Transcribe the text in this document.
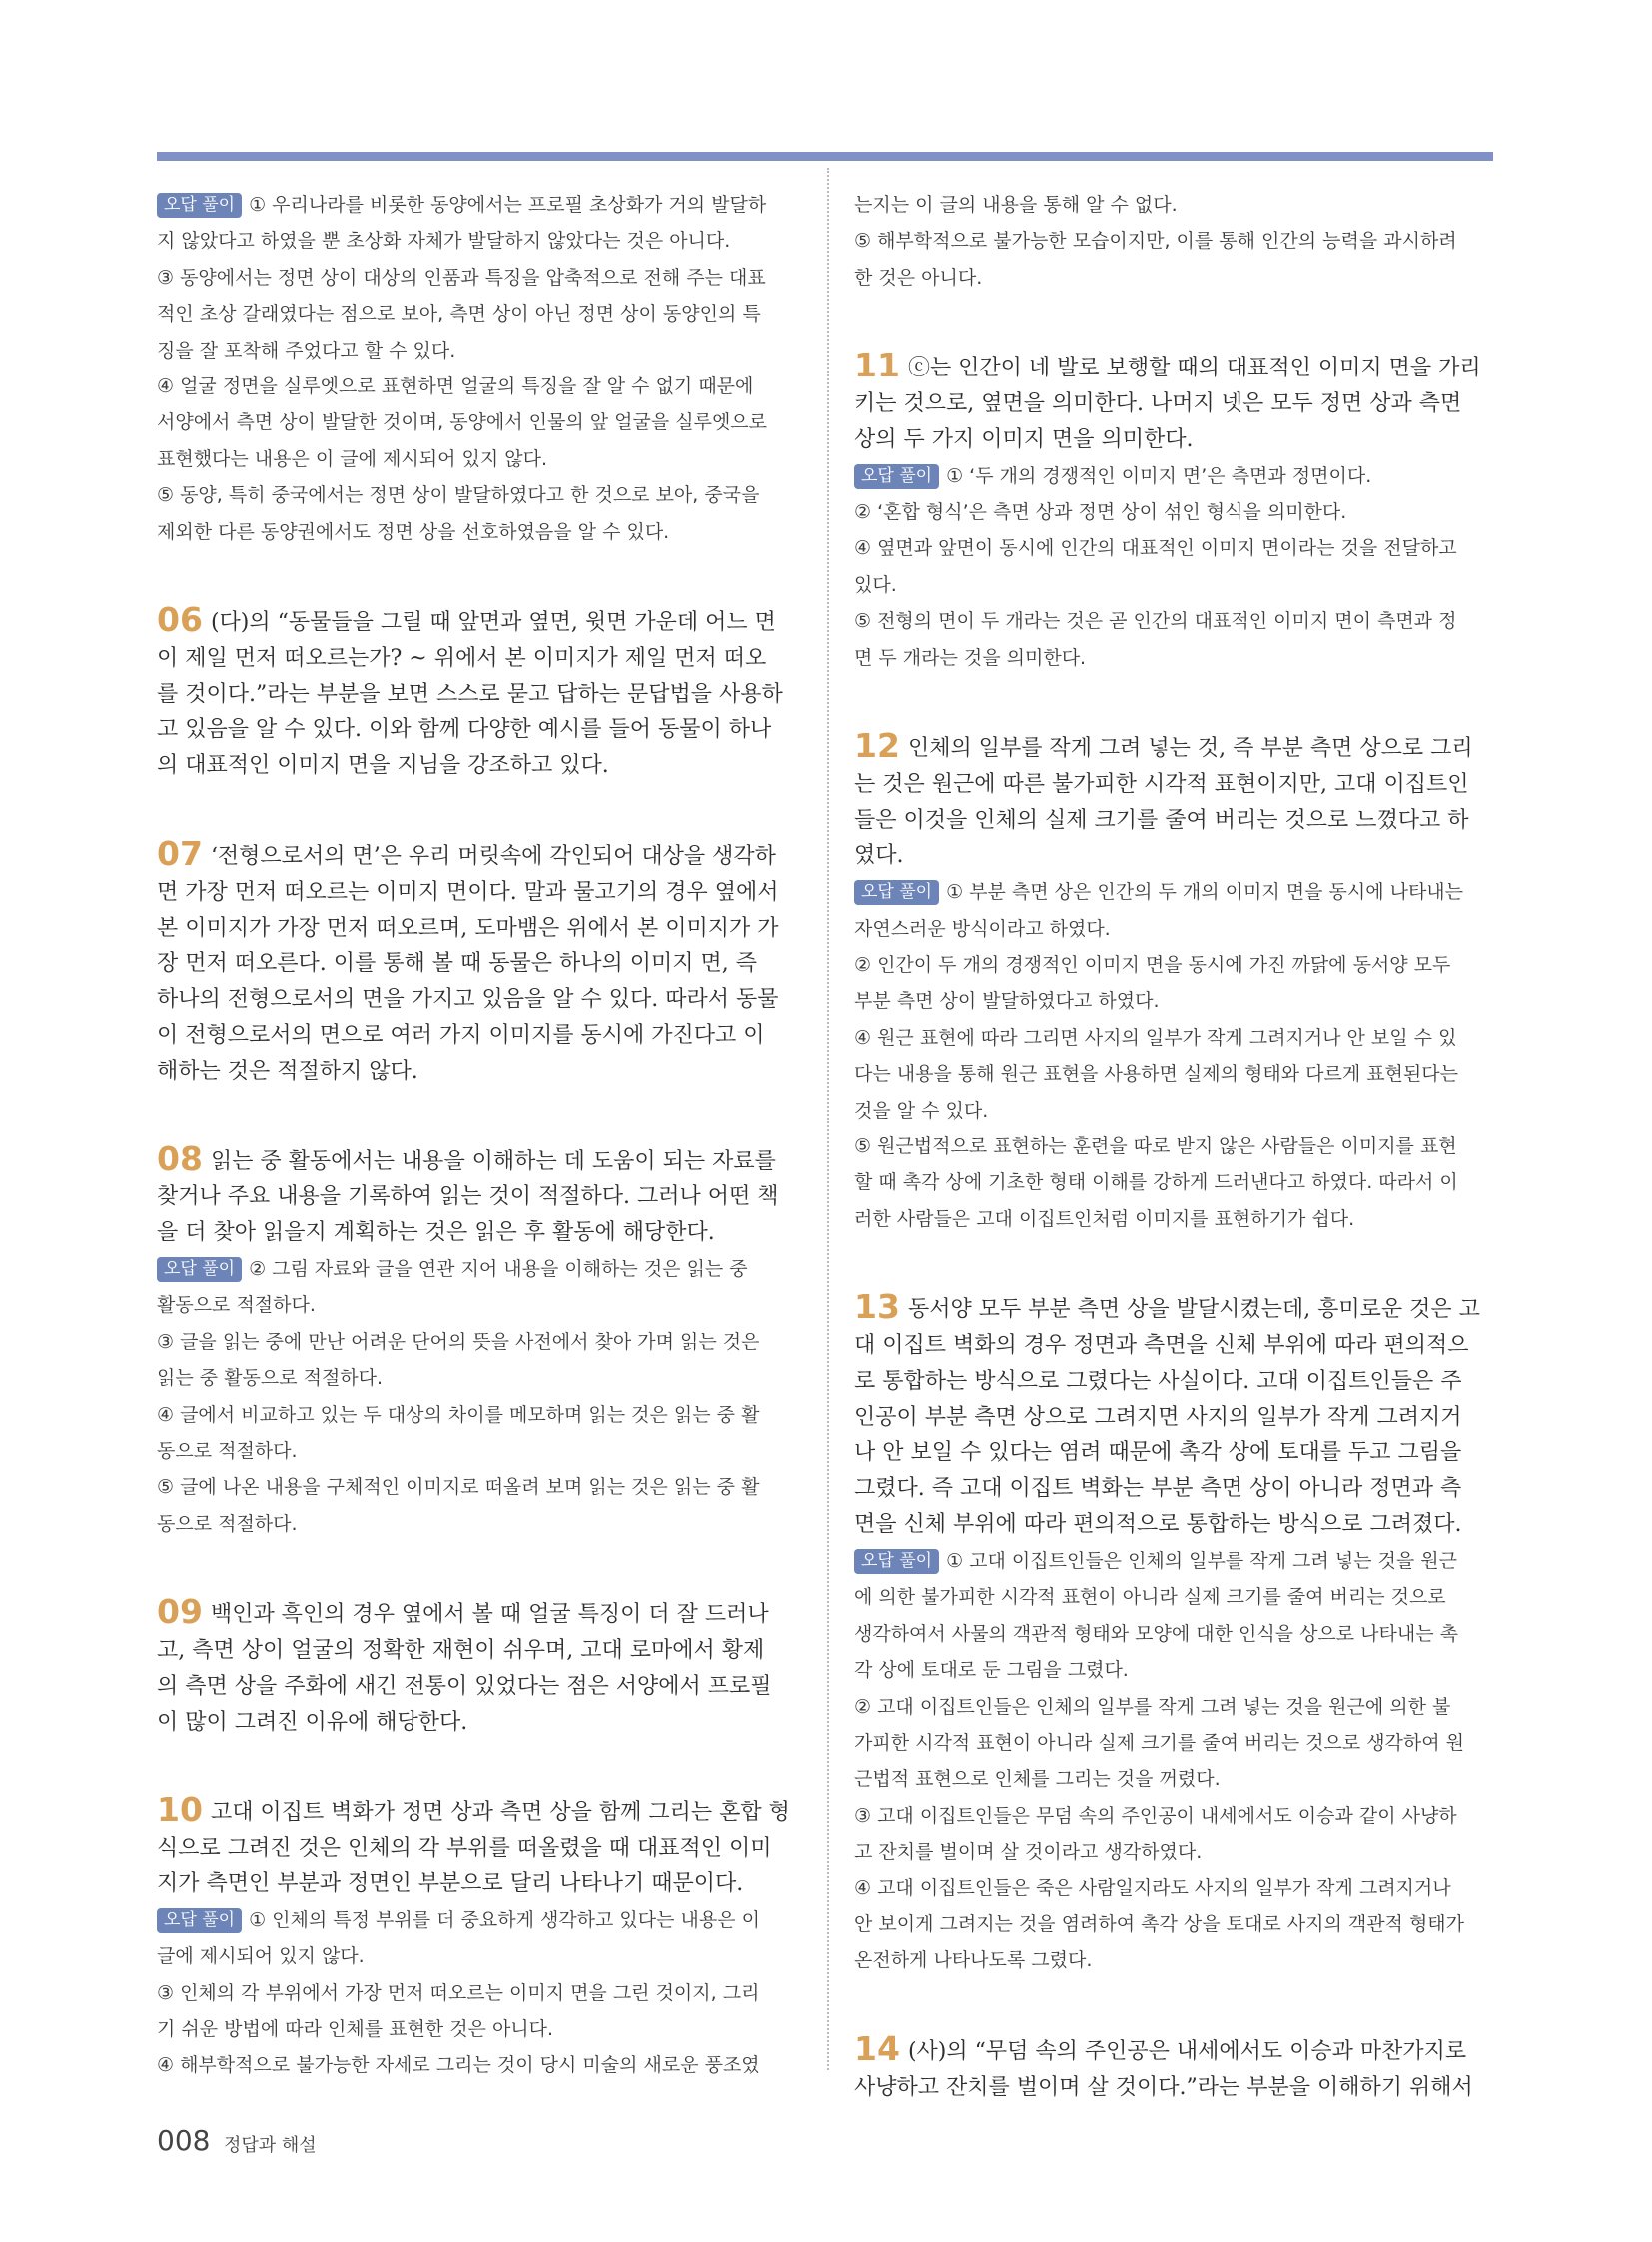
오답 풀이 ① 우리나라를 비롯한 동양에서는 프로필 초상화가 거의 발달하
지 않았다고 하였을 뿐 초상화 자체가 발달하지 않았다는 것은 아니다.
③ 동양에서는 정면 상이 대상의 인품과 특징을 압축적으로 전해 주는 대표
적인 초상 갈래였다는 점으로 보아, 측면 상이 아닌 정면 상이 동양인의 특
징을 잘 포착해 주었다고 할 수 있다.
④ 얼굴 정면을 실루엣으로 표현하면 얼굴의 특징을 잘 알 수 없기 때문에
서양에서 측면 상이 발달한 것이며, 동양에서 인물의 앞 얼굴을 실루엣으로
표현했다는 내용은 이 글에 제시되어 있지 않다.
⑤ 동양, 특히 중국에서는 정면 상이 발달하였다고 한 것으로 보아, 중국을
제외한 다른 동양권에서도 정면 상을 선호하였음을 알 수 있다.
06 (다)의 “동물들을 그릴 때 앞면과 옆면, 윗면 가운데 어느 면
이 제일 먼저 떠오르는가? ~ 위에서 본 이미지가 제일 먼저 떠오
를 것이다.”라는 부분을 보면 스스로 묻고 답하는 문답법을 사용하
고 있음을 알 수 있다. 이와 함께 다양한 예시를 들어 동물이 하나
의 대표적인 이미지 면을 지님을 강조하고 있다.
07 ‘전형으로서의 면’은 우리 머릿속에 각인되어 대상을 생각하
면 가장 먼저 떠오르는 이미지 면이다. 말과 물고기의 경우 옆에서
본 이미지가 가장 먼저 떠오르며, 도마뱀은 위에서 본 이미지가 가
장 먼저 떠오른다. 이를 통해 볼 때 동물은 하나의 이미지 면, 즉
하나의 전형으로서의 면을 가지고 있음을 알 수 있다. 따라서 동물
이 전형으로서의 면으로 여러 가지 이미지를 동시에 가진다고 이
해하는 것은 적절하지 않다.
08 읽는 중 활동에서는 내용을 이해하는 데 도움이 되는 자료를
찾거나 주요 내용을 기록하여 읽는 것이 적절하다. 그러나 어떤 책
을 더 찾아 읽을지 계획하는 것은 읽은 후 활동에 해당한다.
오답 풀이 ② 그림 자료와 글을 연관 지어 내용을 이해하는 것은 읽는 중
활동으로 적절하다.
③ 글을 읽는 중에 만난 어려운 단어의 뜻을 사전에서 찾아 가며 읽는 것은
읽는 중 활동으로 적절하다.
④ 글에서 비교하고 있는 두 대상의 차이를 메모하며 읽는 것은 읽는 중 활
동으로 적절하다.
⑤ 글에 나온 내용을 구체적인 이미지로 떠올려 보며 읽는 것은 읽는 중 활
동으로 적절하다.
09 백인과 흑인의 경우 옆에서 볼 때 얼굴 특징이 더 잘 드러나
고, 측면 상이 얼굴의 정확한 재현이 쉬우며, 고대 로마에서 황제
의 측면 상을 주화에 새긴 전통이 있었다는 점은 서양에서 프로필
이 많이 그려진 이유에 해당한다.
10 고대 이집트 벽화가 정면 상과 측면 상을 함께 그리는 혼합 형
식으로 그려진 것은 인체의 각 부위를 떠올렸을 때 대표적인 이미
지가 측면인 부분과 정면인 부분으로 달리 나타나기 때문이다.
오답 풀이 ① 인체의 특정 부위를 더 중요하게 생각하고 있다는 내용은 이
글에 제시되어 있지 않다.
③ 인체의 각 부위에서 가장 먼저 떠오르는 이미지 면을 그린 것이지, 그리
기 쉬운 방법에 따라 인체를 표현한 것은 아니다.
④ 해부학적으로 불가능한 자세로 그리는 것이 당시 미술의 새로운 풍조였
는지는 이 글의 내용을 통해 알 수 없다.
⑤ 해부학적으로 불가능한 모습이지만, 이를 통해 인간의 능력을 과시하려
한 것은 아니다.
11 ⓒ는 인간이 네 발로 보행할 때의 대표적인 이미지 면을 가리
키는 것으로, 옆면을 의미한다. 나머지 넷은 모두 정면 상과 측면
상의 두 가지 이미지 면을 의미한다.
오답 풀이 ① ‘두 개의 경쟁적인 이미지 면’은 측면과 정면이다.
② ‘혼합 형식’은 측면 상과 정면 상이 섞인 형식을 의미한다.
④ 옆면과 앞면이 동시에 인간의 대표적인 이미지 면이라는 것을 전달하고
있다.
⑤ 전형의 면이 두 개라는 것은 곧 인간의 대표적인 이미지 면이 측면과 정
면 두 개라는 것을 의미한다.
12 인체의 일부를 작게 그려 넣는 것, 즉 부분 측면 상으로 그리
는 것은 원근에 따른 불가피한 시각적 표현이지만, 고대 이집트인
들은 이것을 인체의 실제 크기를 줄여 버리는 것으로 느꼈다고 하
였다.
오답 풀이 ① 부분 측면 상은 인간의 두 개의 이미지 면을 동시에 나타내는
자연스러운 방식이라고 하였다.
② 인간이 두 개의 경쟁적인 이미지 면을 동시에 가진 까닭에 동서양 모두
부분 측면 상이 발달하였다고 하였다.
④ 원근 표현에 따라 그리면 사지의 일부가 작게 그려지거나 안 보일 수 있
다는 내용을 통해 원근 표현을 사용하면 실제의 형태와 다르게 표현된다는
것을 알 수 있다.
⑤ 원근법적으로 표현하는 훈련을 따로 받지 않은 사람들은 이미지를 표현
할 때 촉각 상에 기초한 형태 이해를 강하게 드러낸다고 하였다. 따라서 이
러한 사람들은 고대 이집트인처럼 이미지를 표현하기가 쉽다.
13 동서양 모두 부분 측면 상을 발달시켰는데, 흥미로운 것은 고
대 이집트 벽화의 경우 정면과 측면을 신체 부위에 따라 편의적으
로 통합하는 방식으로 그렸다는 사실이다. 고대 이집트인들은 주
인공이 부분 측면 상으로 그려지면 사지의 일부가 작게 그려지거
나 안 보일 수 있다는 염려 때문에 촉각 상에 토대를 두고 그림을
그렸다. 즉 고대 이집트 벽화는 부분 측면 상이 아니라 정면과 측
면을 신체 부위에 따라 편의적으로 통합하는 방식으로 그려졌다.
오답 풀이 ① 고대 이집트인들은 인체의 일부를 작게 그려 넣는 것을 원근
에 의한 불가피한 시각적 표현이 아니라 실제 크기를 줄여 버리는 것으로
생각하여서 사물의 객관적 형태와 모양에 대한 인식을 상으로 나타내는 촉
각 상에 토대로 둔 그림을 그렸다.
② 고대 이집트인들은 인체의 일부를 작게 그려 넣는 것을 원근에 의한 불
가피한 시각적 표현이 아니라 실제 크기를 줄여 버리는 것으로 생각하여 원
근법적 표현으로 인체를 그리는 것을 꺼렸다.
③ 고대 이집트인들은 무덤 속의 주인공이 내세에서도 이승과 같이 사냥하
고 잔치를 벌이며 살 것이라고 생각하였다.
④ 고대 이집트인들은 죽은 사람일지라도 사지의 일부가 작게 그려지거나
안 보이게 그려지는 것을 염려하여 촉각 상을 토대로 사지의 객관적 형태가
온전하게 나타나도록 그렸다.
14 (사)의 “무덤 속의 주인공은 내세에서도 이승과 마찬가지로
사냥하고 잔치를 벌이며 살 것이다.”라는 부분을 이해하기 위해서
008 정답과 해설
